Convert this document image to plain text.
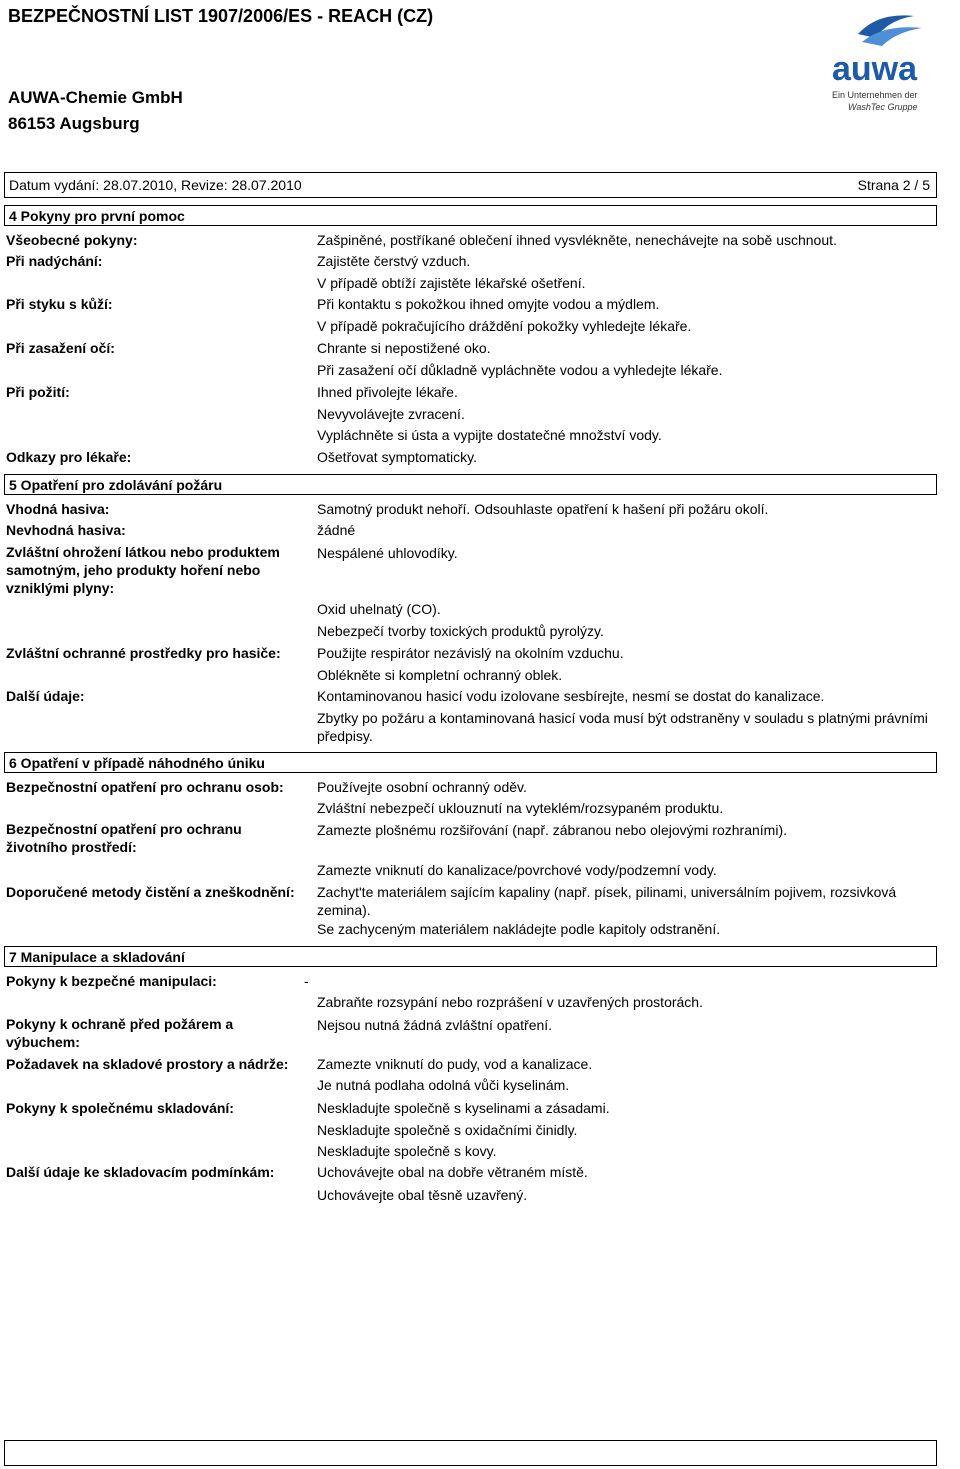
BEZPEČNOSTNÍ LIST 1907/2006/ES - REACH (CZ)
AUWA-Chemie GmbH
86153 Augsburg
auwa
Ein Unternehmen der
WashTec Gruppe
Datum vydání: 28.07.2010, Revize: 28.07.2010	Strana 2 / 5
4 Pokyny pro první pomoc
Všeobecné pokyny:	Zašpiněné, postříkané oblečení ihned vysvlékněte, nenechávejte na sobě uschnout.
Při nadýchání:	Zajistěte čerstvý vzduch.
V případě obtíží zajistěte lékařské ošetření.
Při styku s kůží:	Při kontaktu s pokožkou ihned omyjte vodou a mýdlem.
V případě pokračujícího dráždění pokožky vyhledejte lékaře.
Při zasažení očí:	Chrante si nepostižené oko.
Při zasažení očí důkladně vypláchněte vodou a vyhledejte lékaře.
Při požití:	Ihned přivolejte lékaře.
Nevyvolávejte zvracení.
Vypláchněte si ústa a vypijte dostatečné množství vody.
Odkazy pro lékaře:	Ošetřovat symptomaticky.
5 Opatření pro zdolávání požáru
Vhodná hasiva:	Samotný produkt nehoří. Odsouhlaste opatření k hašení při požáru okolí.
Nevhodná hasiva:	žádné
Zvláštní ohrožení látkou nebo produktem samotným, jeho produkty hoření nebo vzniklými plyny:
Nespálené uhlovodíky.
Oxid uhelnatý (CO).
Nebezpečí tvorby toxických produktů pyrolýzy.
Zvláštní ochranné prostředky pro hasiče:	Použijte respirátor nezávislý na okolním vzduchu.
Oblékněte si kompletní ochranný oblek.
Další údaje:	Kontaminovanou hasicí vodu izolovane sesbírejte, nesmí se dostat do kanalizace.
Zbytky po požáru a kontaminovaná hasicí voda musí být odstraněny v souladu s platnými právními předpisy.
6 Opatření v případě náhodného úniku
Bezpečnostní opatření pro ochranu osob: Používejte osobní ochranný oděv.
Zvláštní nebezpečí uklouznutí na vyteklém/rozsypaném produktu.
Bezpečnostní opatření pro ochranu životního prostředí:
Zamezte plošnému rozšiřování (např. zábranou nebo olejovými rozhraními).
Zamezte vniknutí do kanalizace/povrchové vody/podzemní vody.
Doporučené metody čistění a zneškodnění: Zachyt'te materiálem sajícím kapaliny (např. písek, pilinami, universálním pojivem, rozsivková zemina).
Se zachyceným materiálem nakládejte podle kapitoly odstranění.
7 Manipulace a skladování
Pokyny k bezpečné manipulaci:	-
Zabraňte rozsypání nebo rozprášení v uzavřených prostorách.
Pokyny k ochraně před požárem a výbuchem:
Nejsou nutná žádná zvláštní opatření.
Požadavek na skladové prostory a nádrže: Zamezte vniknutí do pudy, vod a kanalizace.
Je nutná podlaha odolná vůči kyselinám.
Pokyny k společnému skladování:	Neskladujte společně s kyselinami a zásadami.
Neskladujte společně s oxidačními činidly.
Neskladujte společně s kovy.
Další údaje ke skladovacím podmínkám:	Uchovávejte obal na dobře větraném místě.
Uchovávejte obal těsně uzavřený.
